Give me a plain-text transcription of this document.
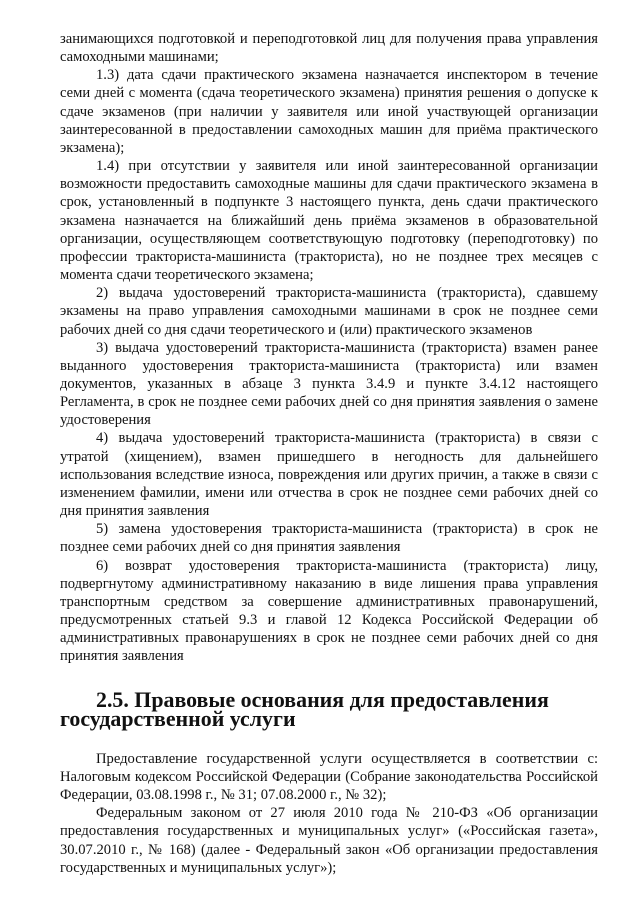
занимающихся подготовкой и переподготовкой лиц для получения права управления самоходными машинами;

1.3) дата сдачи практического экзамена назначается инспектором в течение семи дней с момента (сдача теоретического экзамена) принятия решения о допуске к сдаче экзаменов (при наличии у заявителя или иной участвующей организации заинтересованной в предоставлении самоходных машин для приёма практического экзамена);

1.4) при отсутствии у заявителя или иной заинтересованной организации возможности предоставить самоходные машины для сдачи практического экзамена в срок, установленный в подпункте 3 настоящего пункта, день сдачи практического экзамена назначается на ближайший день приёма экзаменов в образовательной организации, осуществляющем соответствующую подготовку (переподготовку) по профессии тракториста-машиниста (тракториста), но не позднее трех месяцев с момента сдачи теоретического экзамена;

2) выдача удостоверений тракториста-машиниста (тракториста), сдавшему экзамены на право управления самоходными машинами в срок не позднее семи рабочих дней со дня сдачи теоретического и (или) практического экзаменов

3) выдача удостоверений тракториста-машиниста (тракториста) взамен ранее выданного удостоверения тракториста-машиниста (тракториста) или взамен документов, указанных в абзаце 3 пункта 3.4.9 и пункте 3.4.12 настоящего Регламента, в срок не позднее семи рабочих дней со дня принятия заявления о замене удостоверения

4) выдача удостоверений тракториста-машиниста (тракториста) в связи с утратой (хищением), взамен пришедшего в негодность для дальнейшего использования вследствие износа, повреждения или других причин, а также в связи с изменением фамилии, имени или отчества в срок не позднее семи рабочих дней со дня принятия заявления

5) замена удостоверения тракториста-машиниста (тракториста) в срок не позднее семи рабочих дней со дня принятия заявления

6) возврат удостоверения тракториста-машиниста (тракториста) лицу, подвергнутому административному наказанию в виде лишения права управления транспортным средством за совершение административных правонарушений, предусмотренных статьей 9.3 и главой 12 Кодекса Российской Федерации об административных правонарушениях в срок не позднее семи рабочих дней со дня принятия заявления

2.5. Правовые основания для предоставления государственной услуги

Предоставление государственной услуги осуществляется в соответствии с: Налоговым кодексом Российской Федерации (Собрание законодательства Российской Федерации, 03.08.1998 г., № 31; 07.08.2000 г., № 32);

Федеральным законом от 27 июля 2010 года № 210-ФЗ «Об организации предоставления государственных и муниципальных услуг» («Российская газета», 30.07.2010 г., № 168) (далее - Федеральный закон «Об организации предоставления государственных и муниципальных услуг»);
